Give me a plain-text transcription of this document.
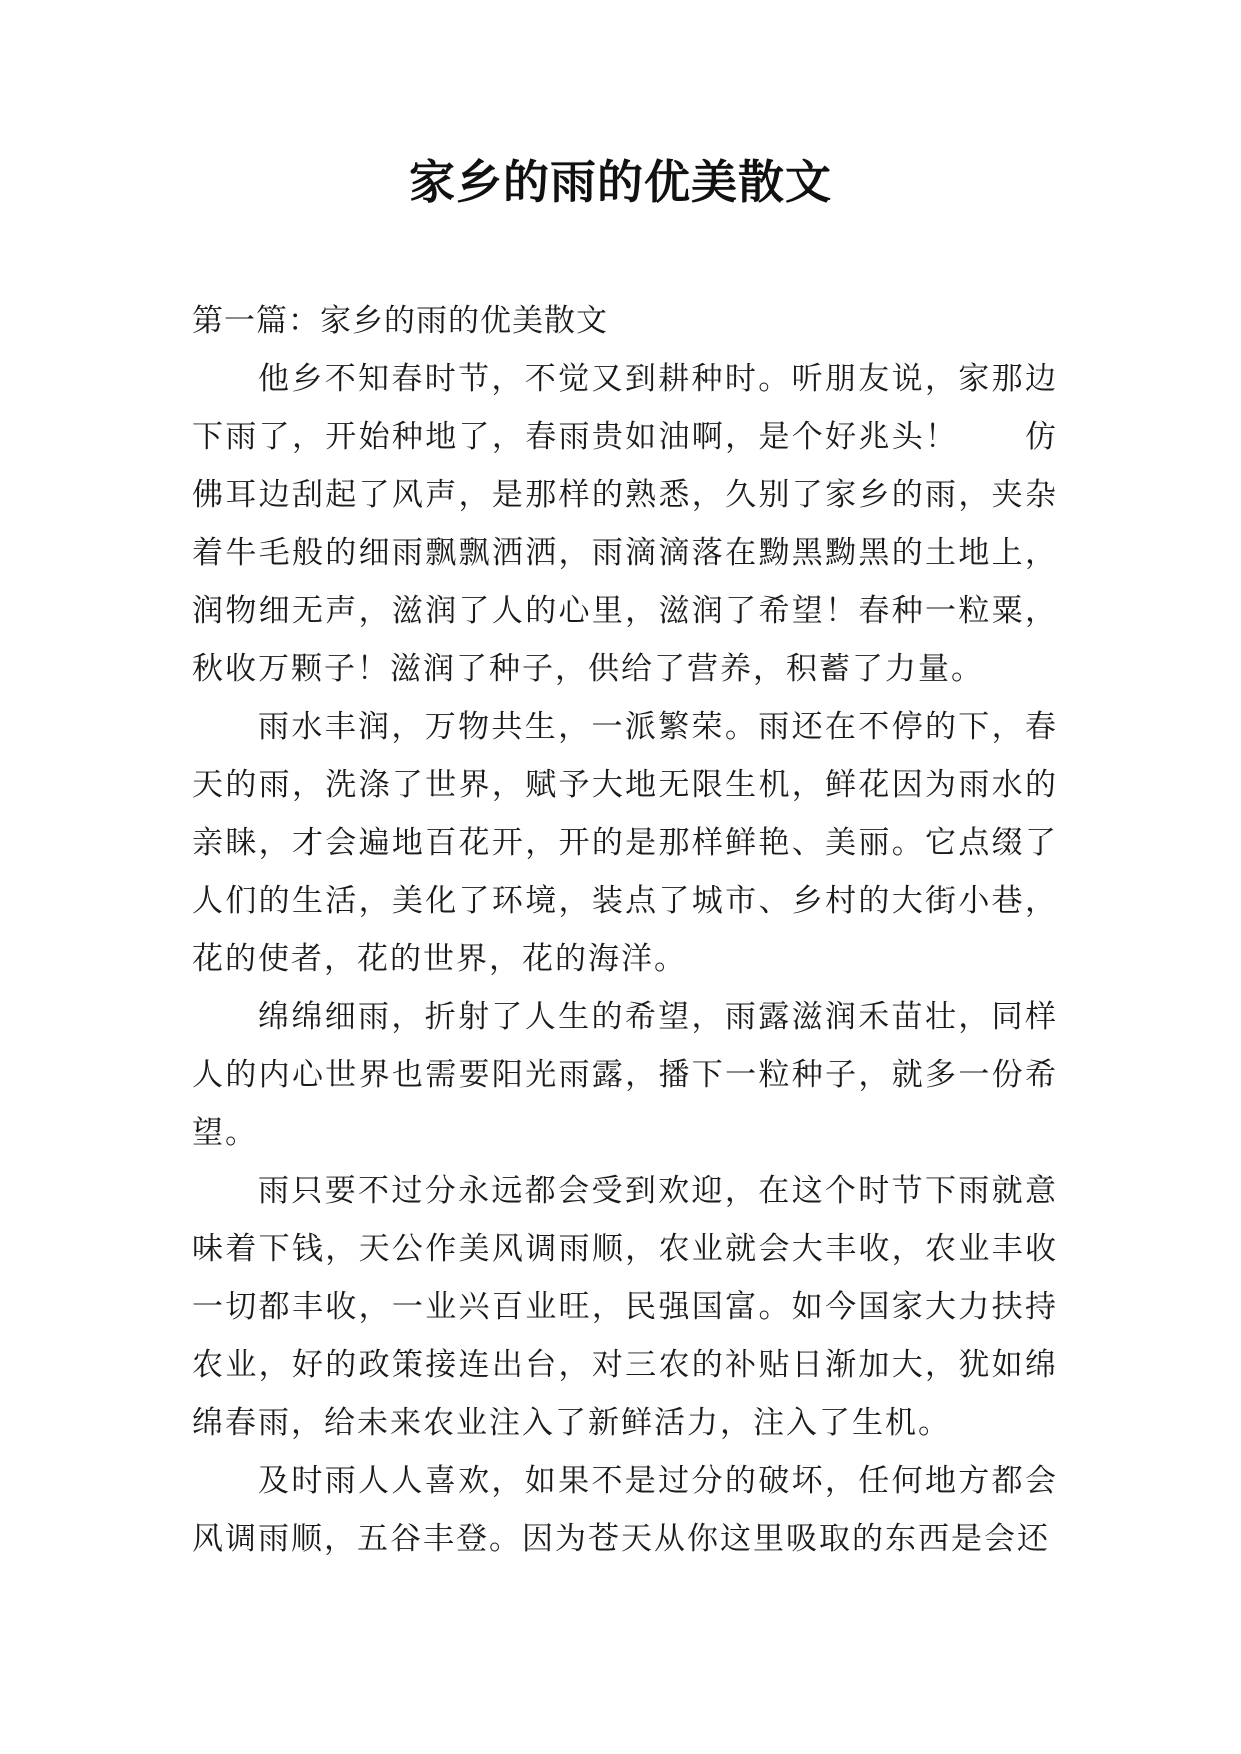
家乡的雨的优美散文

第一篇：家乡的雨的优美散文

他乡不知春时节，不觉又到耕种时。听朋友说，家那边下雨了，开始种地了，春雨贵如油啊，是个好兆头！　　仿佛耳边刮起了风声，是那样的熟悉，久别了家乡的雨，夹杂着牛毛般的细雨飘飘洒洒，雨滴滴落在黝黑黝黑的土地上，润物细无声，滋润了人的心里，滋润了希望！春种一粒粟，秋收万颗子！滋润了种子，供给了营养，积蓄了力量。

雨水丰润，万物共生，一派繁荣。雨还在不停的下，春天的雨，洗涤了世界，赋予大地无限生机，鲜花因为雨水的亲睐，才会遍地百花开，开的是那样鲜艳、美丽。它点缀了人们的生活，美化了环境，装点了城市、乡村的大街小巷，花的使者，花的世界，花的海洋。

绵绵细雨，折射了人生的希望，雨露滋润禾苗壮，同样人的内心世界也需要阳光雨露，播下一粒种子，就多一份希望。

雨只要不过分永远都会受到欢迎，在这个时节下雨就意味着下钱，天公作美风调雨顺，农业就会大丰收，农业丰收一切都丰收，一业兴百业旺，民强国富。如今国家大力扶持农业，好的政策接连出台，对三农的补贴日渐加大，犹如绵绵春雨，给未来农业注入了新鲜活力，注入了生机。

及时雨人人喜欢，如果不是过分的破坏，任何地方都会风调雨顺，五谷丰登。因为苍天从你这里吸取的东西是会还
